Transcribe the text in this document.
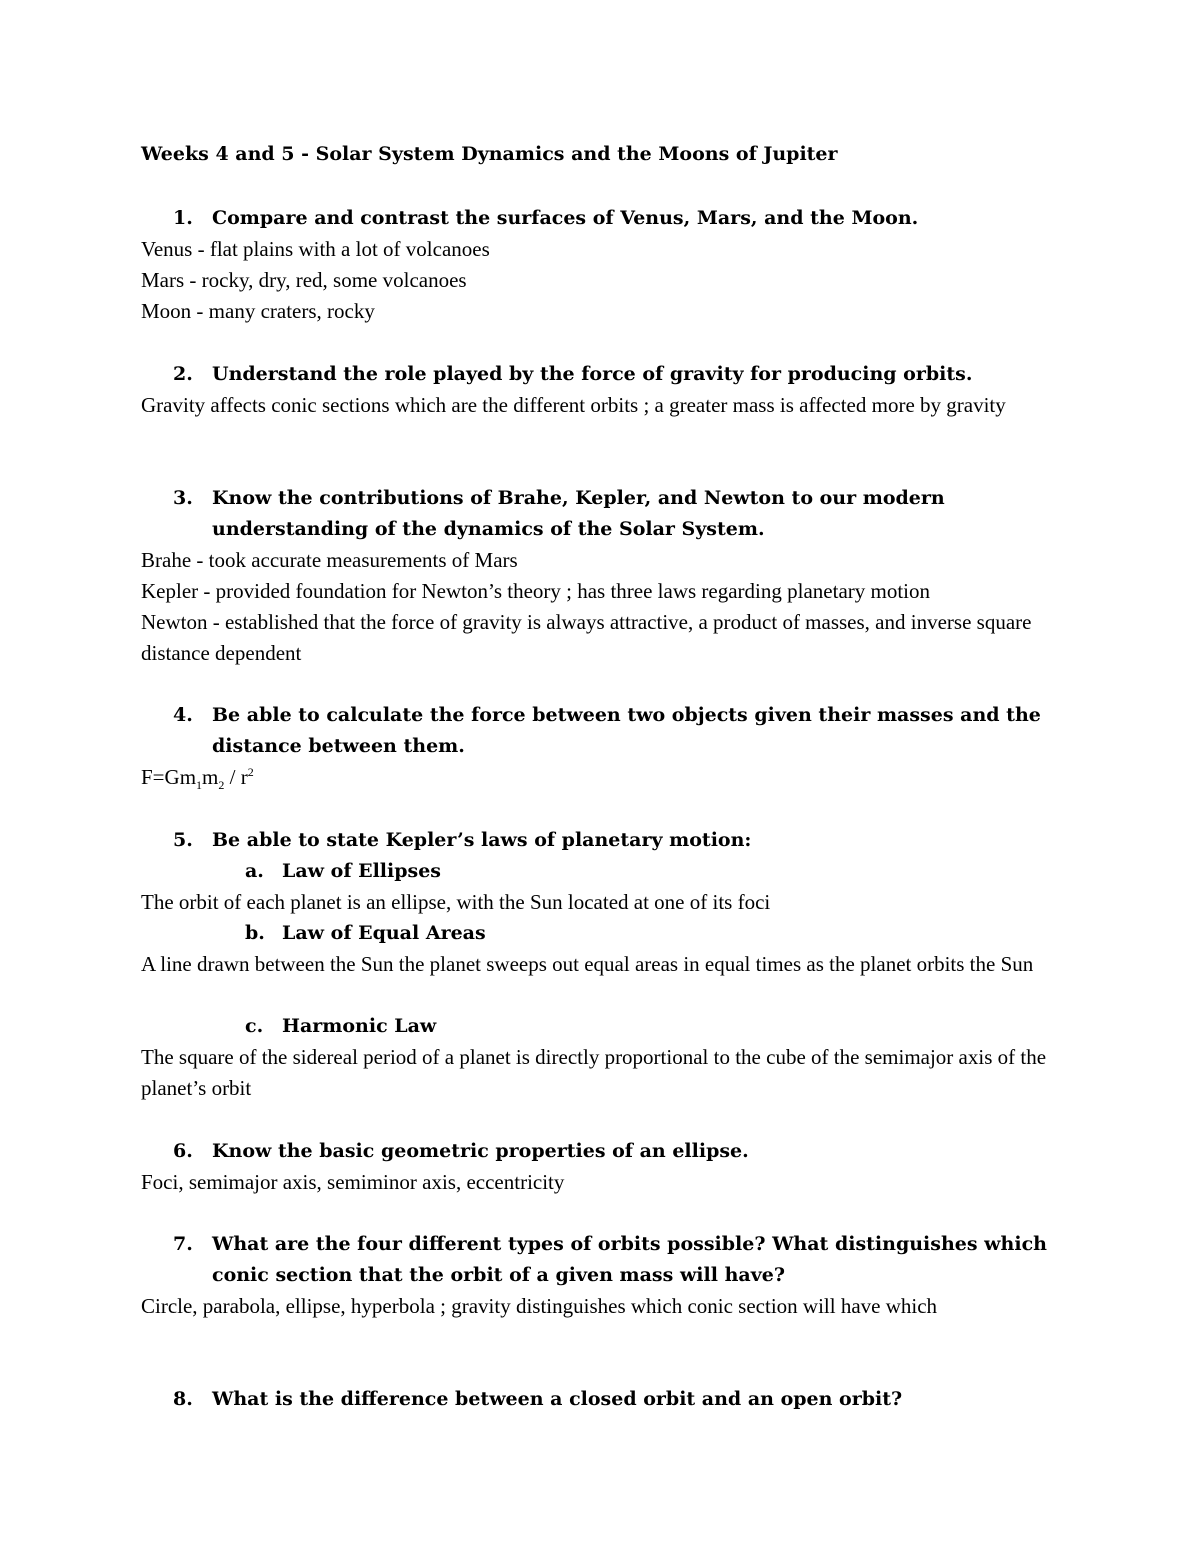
Weeks 4 and 5 - Solar System Dynamics and the Moons of Jupiter
1. Compare and contrast the surfaces of Venus, Mars, and the Moon.
Venus - flat plains with a lot of volcanoes
Mars - rocky, dry, red, some volcanoes
Moon - many craters, rocky
2. Understand the role played by the force of gravity for producing orbits.
Gravity affects conic sections which are the different orbits ; a greater mass is affected more by gravity
3. Know the contributions of Brahe, Kepler, and Newton to our modern understanding of the dynamics of the Solar System.
Brahe - took accurate measurements of Mars
Kepler - provided foundation for Newton’s theory ; has three laws regarding planetary motion
Newton - established that the force of gravity is always attractive, a product of masses, and inverse square distance dependent
4. Be able to calculate the force between two objects given their masses and the distance between them.
$F=Gm_1m_2 / r^2$
5. Be able to state Kepler’s laws of planetary motion:
a. Law of Ellipses
The orbit of each planet is an ellipse, with the Sun located at one of its foci
b. Law of Equal Areas
A line drawn between the Sun the planet sweeps out equal areas in equal times as the planet orbits the Sun
c. Harmonic Law
The square of the sidereal period of a planet is directly proportional to the cube of the semimajor axis of the planet’s orbit
6. Know the basic geometric properties of an ellipse.
Foci, semimajor axis, semiminor axis, eccentricity
7. What are the four different types of orbits possible? What distinguishes which conic section that the orbit of a given mass will have?
Circle, parabola, ellipse, hyperbola ; gravity distinguishes which conic section will have which
8. What is the difference between a closed orbit and an open orbit?
